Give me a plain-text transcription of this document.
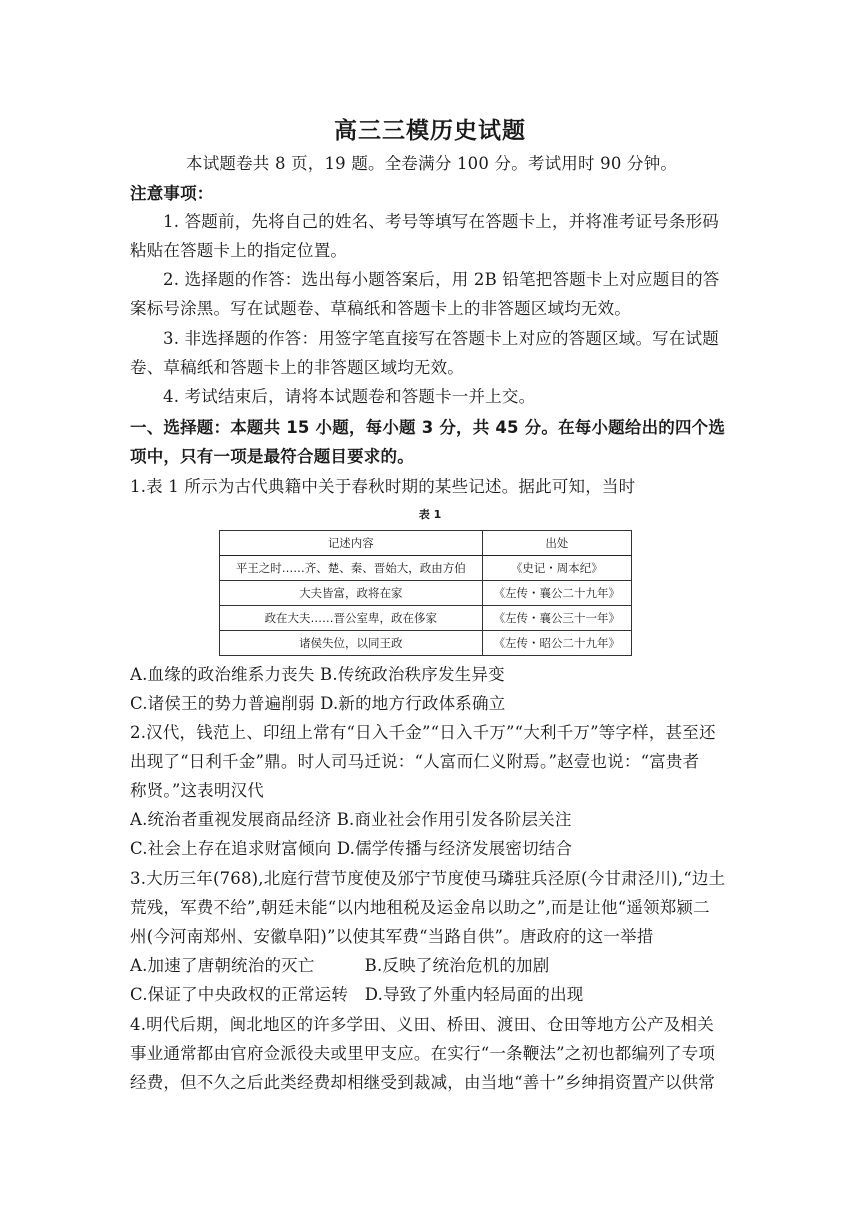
高三三模历史试题
本试题卷共 8 页，19 题。全卷满分 100 分。考试用时 90 分钟。
注意事项：
1. 答题前，先将自己的姓名、考号等填写在答题卡上，并将准考证号条形码
粘贴在答题卡上的指定位置。
2. 选择题的作答：选出每小题答案后，用 2B 铅笔把答题卡上对应题目的答
案标号涂黑。写在试题卷、草稿纸和答题卡上的非答题区域均无效。
3. 非选择题的作答：用签字笔直接写在答题卡上对应的答题区域。写在试题
卷、草稿纸和答题卡上的非答题区域均无效。
4. 考试结束后，请将本试题卷和答题卡一并上交。
一、选择题：本题共 15 小题，每小题 3 分，共 45 分。在每小题给出的四个选
项中，只有一项是最符合题目要求的。
1.表 1 所示为古代典籍中关于春秋时期的某些记述。据此可知，当时
表 1
记述内容	出处
平王之时……齐、楚、秦、晋始大，政由方伯	《史记・周本纪》
大夫皆富，政将在家	《左传・襄公二十九年》
政在大夫……晋公室卑，政在侈家	《左传・襄公三十一年》
诸侯失位，以同王政	《左传・昭公二十九年》
A.血缘的政治维系力丧失 B.传统政治秩序发生异变
C.诸侯王的势力普遍削弱 D.新的地方行政体系确立
2.汉代，钱范上、印纽上常有“日入千金”“日入千万”“大利千万”等字样，甚至还
出现了“日利千金”鼎。时人司马迁说：“人富而仁义附焉。”赵壹也说：“富贵者
称贤。”这表明汉代
A.统治者重视发展商品经济 B.商业社会作用引发各阶层关注
C.社会上存在追求财富倾向 D.儒学传播与经济发展密切结合
3.大历三年(768),北庭行营节度使及邠宁节度使马璘驻兵泾原(今甘肃泾川),“边土
荒残，军费不给”,朝廷未能“以内地租税及运金帛以助之”,而是让他“遥领郑颍二
州(今河南郑州、安徽阜阳)”以使其军费“当路自供”。唐政府的这一举措
A.加速了唐朝统治的灭亡　　　B.反映了统治危机的加剧
C.保证了中央政权的正常运转　D.导致了外重内轻局面的出现
4.明代后期，闽北地区的许多学田、义田、桥田、渡田、仓田等地方公产及相关
事业通常都由官府佥派役夫或里甲支应。在实行“一条鞭法”之初也都编列了专项
经费，但不久之后此类经费却相继受到裁减，由当地“善十”乡绅捐资置产以供常
